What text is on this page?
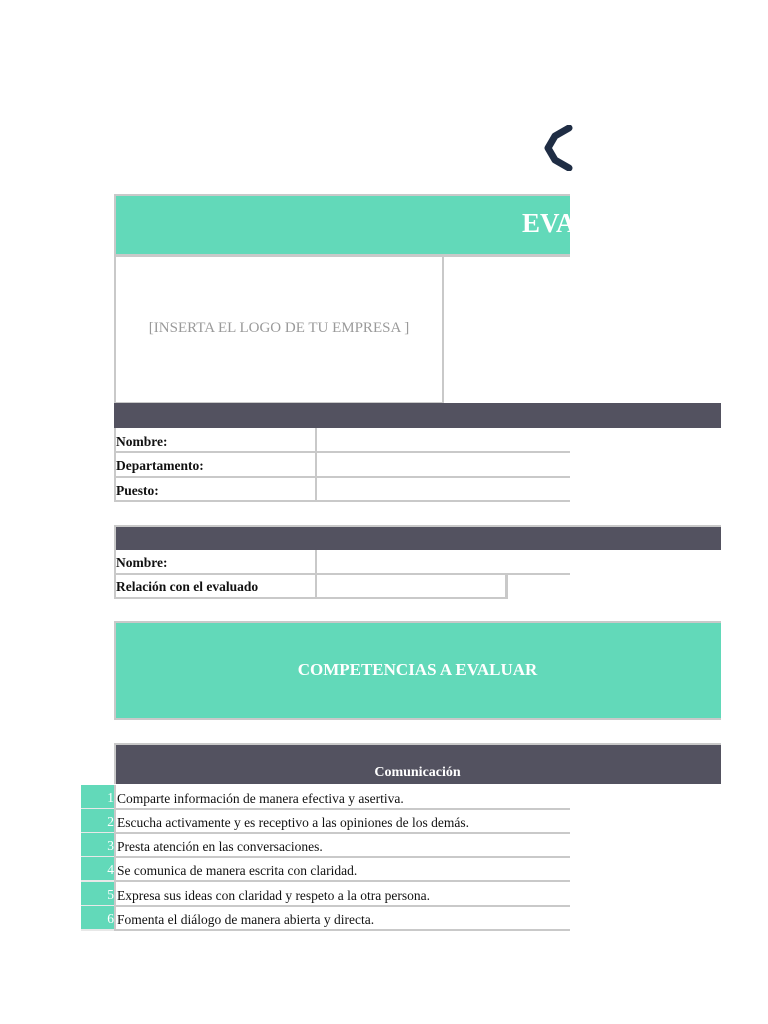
EVA
[INSERTA EL LOGO DE TU EMPRESA ]
Nombre:
Departamento:
Puesto:
Nombre:
Relación con el evaluado
COMPETENCIAS A EVALUAR
Comunicación
1 Comparte información de manera efectiva y asertiva.
2 Escucha activamente y es receptivo a las opiniones de los demás.
3 Presta atención en las conversaciones.
4 Se comunica de manera escrita con claridad.
5 Expresa sus ideas con claridad y respeto a la otra persona.
6 Fomenta el diálogo de manera abierta y directa.
